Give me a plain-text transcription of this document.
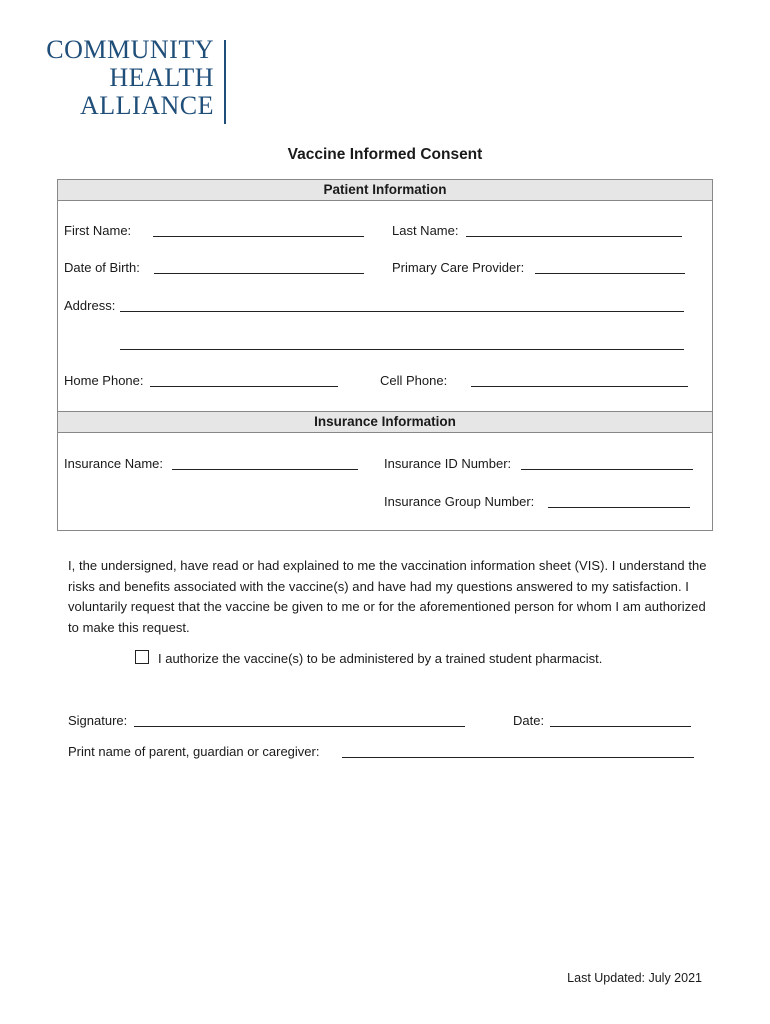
COMMUNITY
HEALTH
ALLIANCE
Vaccine Informed Consent
Patient Information
First Name:	Last Name:
Date of Birth:	Primary Care Provider:
Address:
Home Phone:	Cell Phone:
Insurance Information
Insurance Name:	Insurance ID Number:
Insurance Group Number:
I, the undersigned, have read or had explained to me the vaccination information sheet (VIS). I understand the risks and benefits associated with the vaccine(s) and have had my questions answered to my satisfaction. I voluntarily request that the vaccine be given to me or for the aforementioned person for whom I am authorized to make this request.
I authorize the vaccine(s) to be administered by a trained student pharmacist.
Signature:	Date:
Print name of parent, guardian or caregiver:
Last Updated: July 2021
